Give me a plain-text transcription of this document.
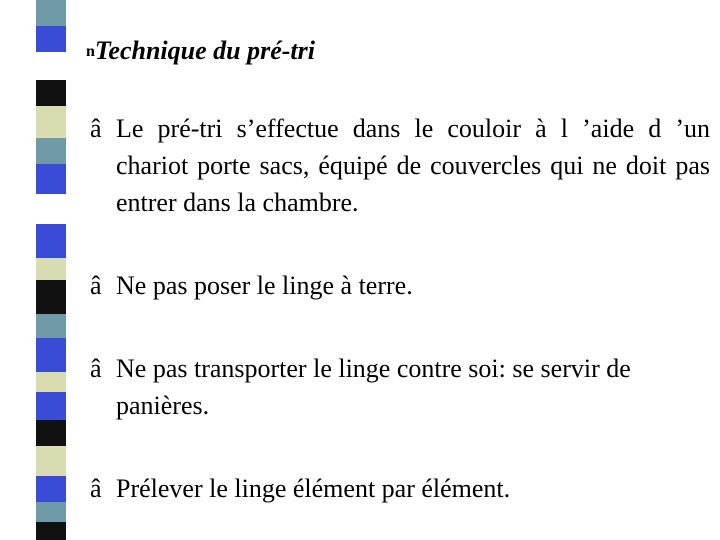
nTechnique du pré-tri
â Le pré-tri s’effectue dans le couloir à l ’aide d ’un chariot porte sacs, équipé de couvercles qui ne doit pas entrer dans la chambre.
â Ne pas poser le linge à terre.
â Ne pas transporter le linge contre soi: se servir de panières.
â Prélever le linge élément par élément.
